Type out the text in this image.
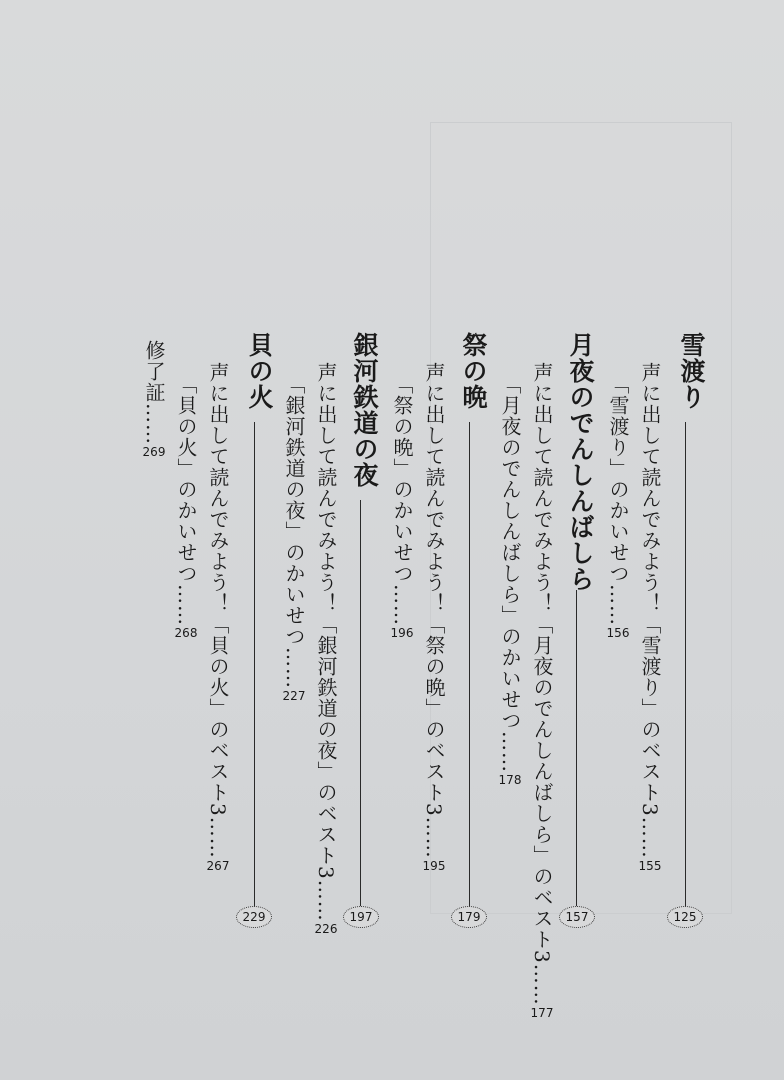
雪渡り
125
声に出して読んでみよう！「雪渡り」のベスト3……155
「雪渡り」のかいせつ……156
月夜のでんしんばしら
157
声に出して読んでみよう！「月夜のでんしんばしら」のベスト3……177
「月夜のでんしんばしら」のかいせつ……178
祭の晩
179
声に出して読んでみよう！「祭の晩」のベスト3……195
「祭の晩」のかいせつ……196
銀河鉄道の夜
197
声に出して読んでみよう！「銀河鉄道の夜」のベスト3……226
「銀河鉄道の夜」のかいせつ……227
貝の火
229
声に出して読んでみよう！「貝の火」のベスト3……267
「貝の火」のかいせつ……268
修了証……269
